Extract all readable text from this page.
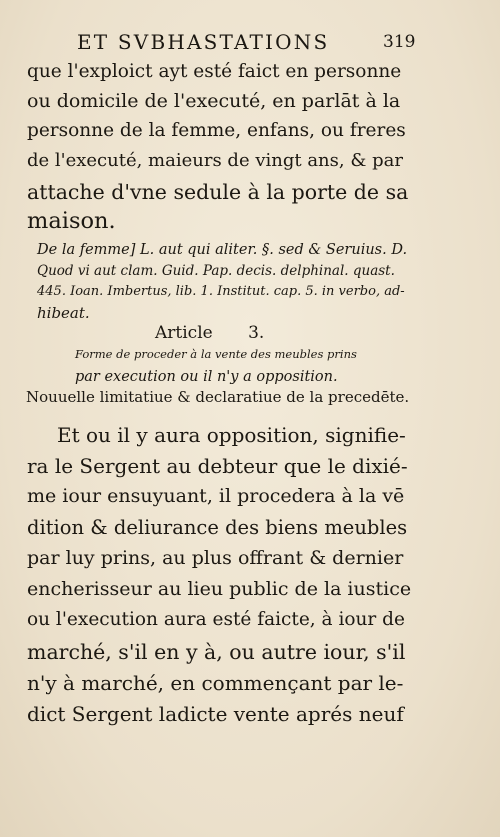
ET SVBHASTATIONS	319
que l'exploict ayt esté faict en personne
ou domicile de l'executé, en parlāt à la
personne de la femme, enfans, ou freres
de l'executé, maieurs de vingt ans, & par
attache d'vne sedule à la porte de sa
maison.
De la femme] L. aut qui aliter. §. sed & Seruius. D.
Quod vi aut clam. Guid. Pap. decis. delphinal. quast.
445. Ioan. Imbertus, lib. 1. Institut. cap. 5. in verbo, ad-
hibeat.
Article 3.
Forme de proceder à la vente des meubles prins
par execution ou il n'y a opposition.
Nouuelle limitatiue & declaratiue de la precedēte.
Et ou il y aura opposition, signifie-
ra le Sergent au debteur que le dixié-
me iour ensuyuant, il procedera à la vē
dition & deliurance des biens meubles
par luy prins, au plus offrant & dernier
encherisseur au lieu public de la iustice
ou l'execution aura esté faicte, à iour de
marché, s'il en y à, ou autre iour, s'il
n'y à marché, en commençant par le-
dict Sergent ladicte vente aprés neuf
